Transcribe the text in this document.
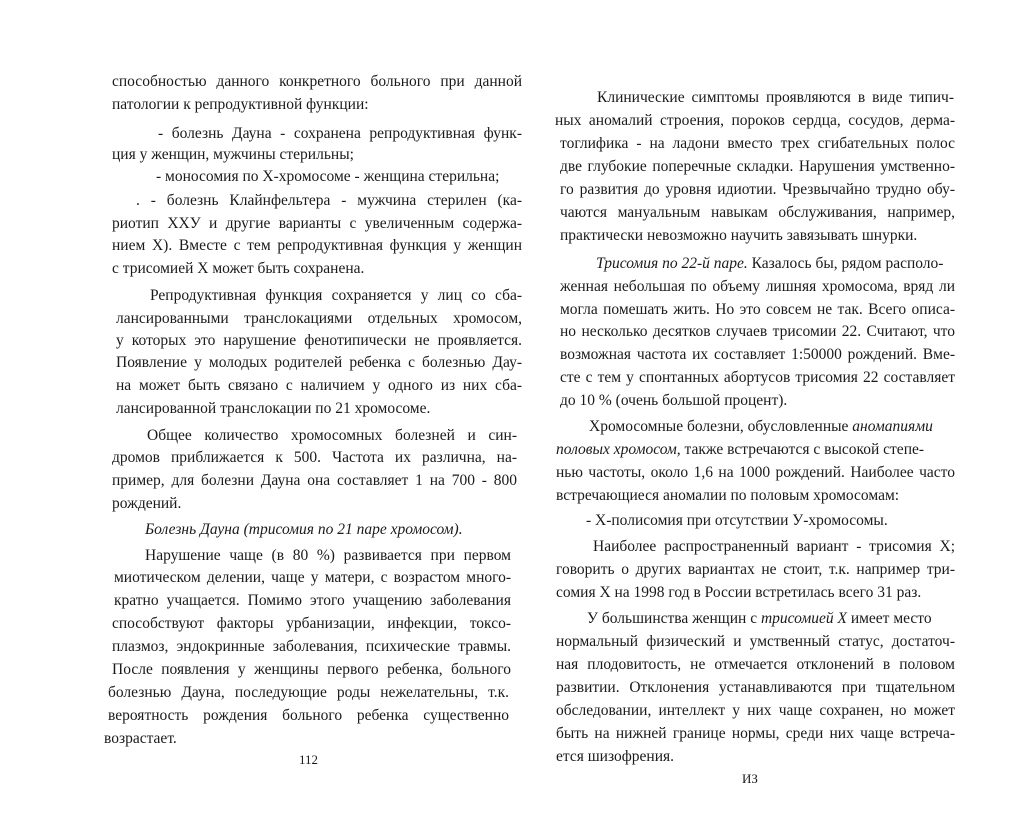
способностью данного конкретного больного при данной
патологии к репродуктивной функции:
- болезнь Дауна - сохранена репродуктивная функ-
ция у женщин, мужчины стерильны;
- моносомия по Х-хромосоме - женщина стерильна;
. - болезнь Клайнфельтера - мужчина стерилен (ка-
риотип ХХУ и другие варианты с увеличенным содержа-
нием X). Вместе с тем репродуктивная функция у женщин
с трисомией X может быть сохранена.
Репродуктивная функция сохраняется у лиц со сба-
лансированными транслокациями отдельных хромосом,
у которых это нарушение фенотипически не проявляется.
Появление у молодых родителей ребенка с болезнью Дау-
на может быть связано с наличием у одного из них сба-
лансированной транслокации по 21 хромосоме.
Общее количество хромосомных болезней и син-
дромов приближается к 500. Частота их различна, на-
пример, для болезни Дауна она составляет 1 на 700 - 800
рождений.
Болезнь Дауна (трисомия по 21 паре хромосом).
Нарушение чаще (в 80 %) развивается при первом
миотическом делении, чаще у матери, с возрастом много-
кратно учащается. Помимо этого учащению заболевания
способствуют факторы урбанизации, инфекции, токсо-
плазмоз, эндокринные заболевания, психические травмы.
После появления у женщины первого ребенка, больного
болезнью Дауна, последующие роды нежелательны, т.к.
вероятность рождения больного ребенка существенно
возрастает.
112
Клинические симптомы проявляются в виде типич-
ных аномалий строения, пороков сердца, сосудов, дерма-
тоглифика - на ладони вместо трех сгибательных полос
две глубокие поперечные складки. Нарушения умственно-
го развития до уровня идиотии. Чрезвычайно трудно обу-
чаются мануальным навыкам обслуживания, например,
практически невозможно научить завязывать шнурки.
Трисомия по 22-й паре. Казалось бы, рядом располо-
женная небольшая по объему лишняя хромосома, вряд ли
могла помешать жить. Но это совсем не так. Всего описа-
но несколько десятков случаев трисомии 22. Считают, что
возможная частота их составляет 1:50000 рождений. Вме-
сте с тем у спонтанных абортусов трисомия 22 составляет
до 10 % (очень большой процент).
Хромосомные болезни, обусловленные аномапиями
половых хромосом, также встречаются с высокой степе-
нью частоты, около 1,6 на 1000 рождений. Наиболее часто
встречающиеся аномалии по половым хромосомам:
- Х-полисомия при отсутствии У-хромосомы.
Наиболее распространенный вариант - трисомия X;
говорить о других вариантах не стоит, т.к. например три-
сомия X на 1998 год в России встретилась всего 31 раз.
У большинства женщин с трисомией X имеет место
нормальный физический и умственный статус, достаточ-
ная плодовитость, не отмечается отклонений в половом
развитии. Отклонения устанавливаются при тщательном
обследовании, интеллект у них чаще сохранен, но может
быть на нижней границе нормы, среди них чаще встреча-
ется шизофрения.
ИЗ
